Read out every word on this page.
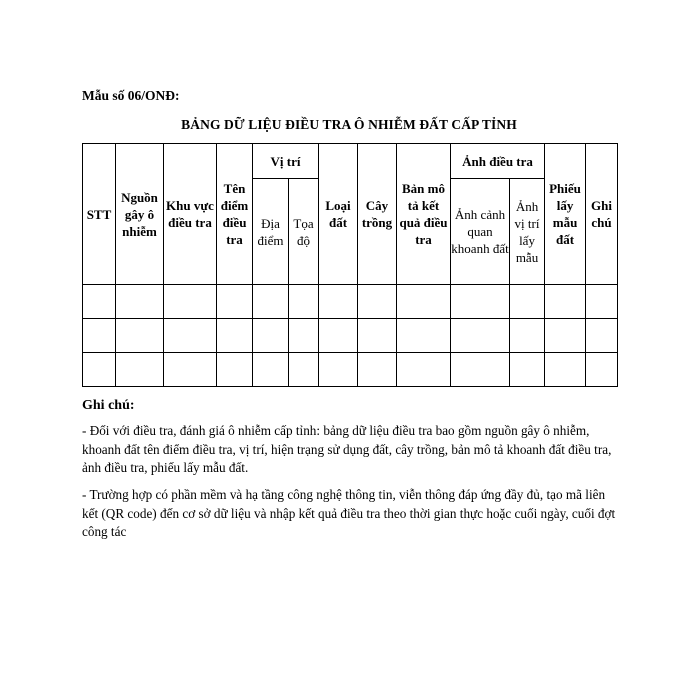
Mẫu số 06/ONĐ:
BẢNG DỮ LIỆU ĐIỀU TRA Ô NHIỄM ĐẤT CẤP TỈNH
STT	Nguồn gây ô nhiễm	Khu vực điều tra	Tên điểm điều tra	Vị trí		Loại đất	Cây trồng	Bản mô tả kết quả điều tra	Ảnh điều tra		Phiếu lấy mẫu đất	Ghi chú
				Địa điểm	Tọa độ				Ảnh cảnh quan khoanh đất	Ảnh vị trí lấy mẫu		

Ghi chú:
- Đối với điều tra, đánh giá ô nhiễm cấp tỉnh: bảng dữ liệu điều tra bao gồm nguồn gây ô nhiễm, khoanh đất tên điểm điều tra, vị trí, hiện trạng sử dụng đất, cây trồng, bản mô tả khoanh đất điều tra, ảnh điều tra, phiếu lấy mẫu đất.
- Trường hợp có phần mềm và hạ tầng công nghệ thông tin, viễn thông đáp ứng đầy đủ, tạo mã liên kết (QR code) đến cơ sở dữ liệu và nhập kết quả điều tra theo thời gian thực hoặc cuối ngày, cuối đợt công tác
